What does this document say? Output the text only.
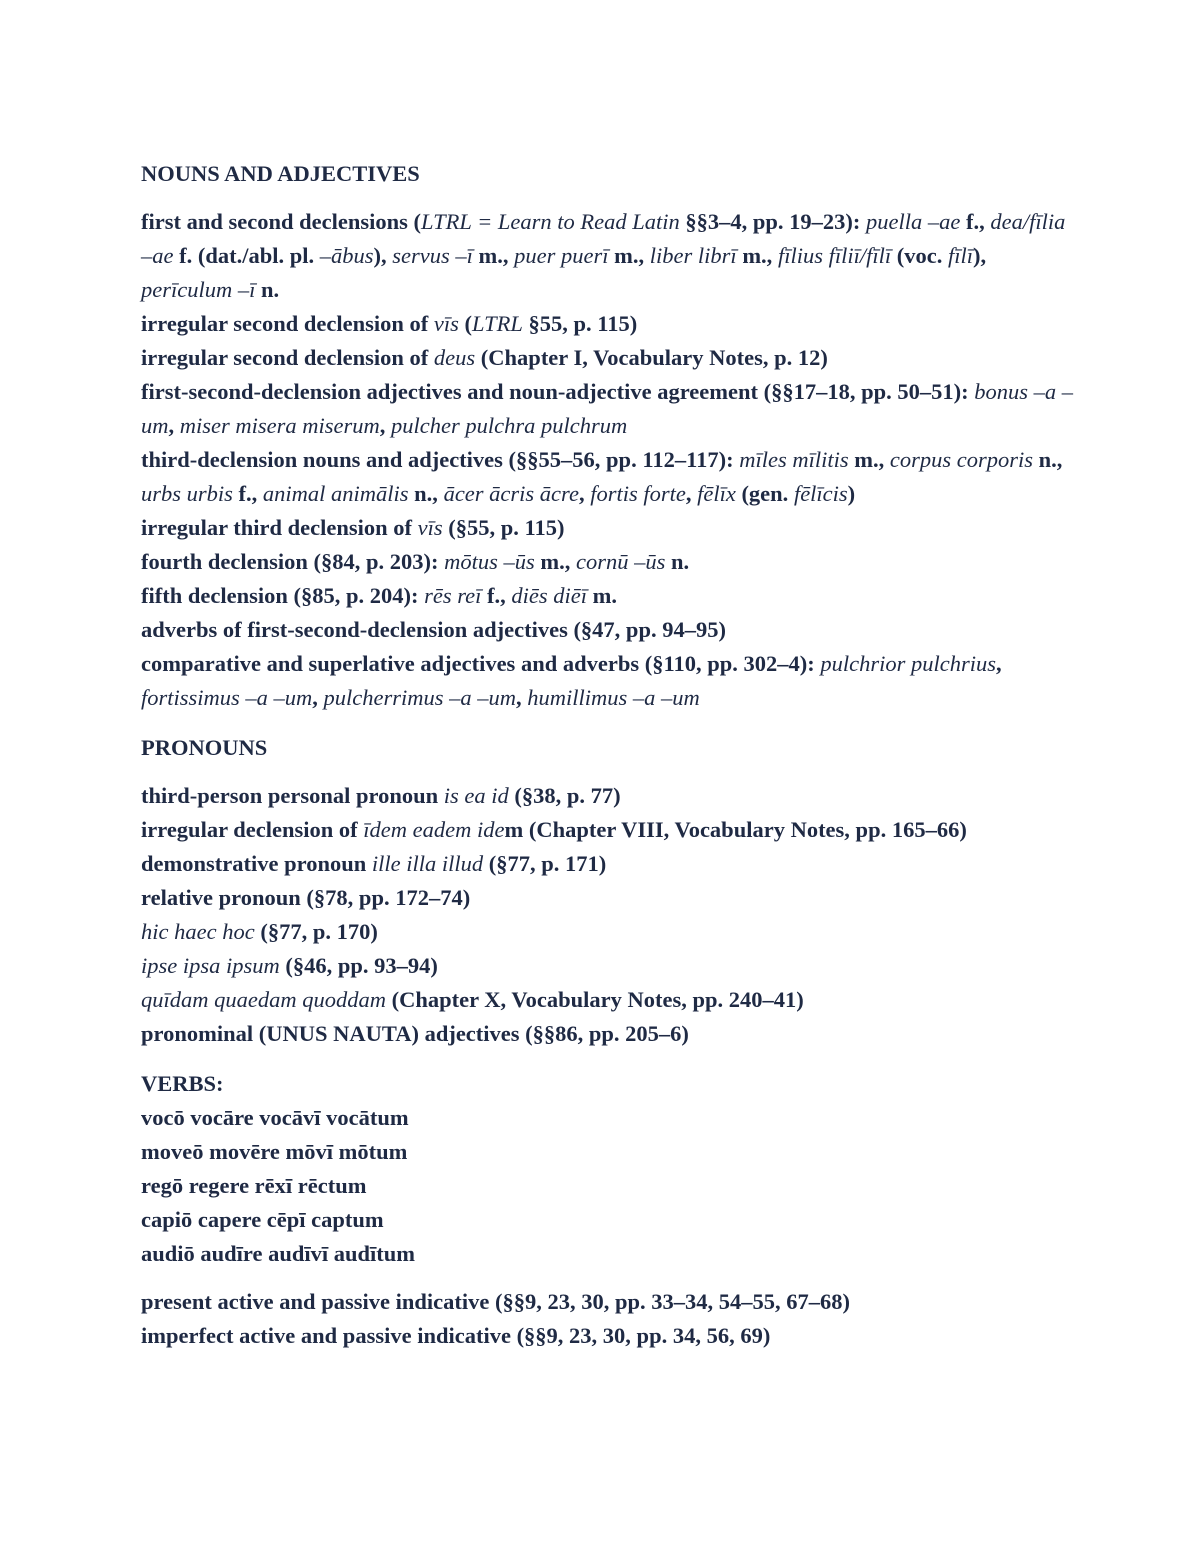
NOUNS AND ADJECTIVES
first and second declensions (LTRL = Learn to Read Latin §§3–4, pp. 19–23): puella –ae f., dea/fīlia –ae f. (dat./abl. pl. –ābus), servus –ī m., puer puerī m., liber librī m., fīlius fīliī/fīlī (voc. fīlī), perīculum –ī n.
irregular second declension of vīs (LTRL §55, p. 115)
irregular second declension of deus (Chapter I, Vocabulary Notes, p. 12)
first-second-declension adjectives and noun-adjective agreement (§§17–18, pp. 50–51): bonus –a –um, miser misera miserum, pulcher pulchra pulchrum
third-declension nouns and adjectives (§§55–56, pp. 112–117): mīles mīlitis m., corpus corporis n., urbs urbis f., animal animālis n., ācer ācris ācre, fortis forte, fēlīx (gen. fēlīcis)
irregular third declension of vīs (§55, p. 115)
fourth declension (§84, p. 203): mōtus –ūs m., cornū –ūs n.
fifth declension (§85, p. 204): rēs reī f., diēs diēī m.
adverbs of first-second-declension adjectives (§47, pp. 94–95)
comparative and superlative adjectives and adverbs (§110, pp. 302–4): pulchrior pulchrius, fortissimus –a –um, pulcherrimus –a –um, humillimus –a –um
PRONOUNS
third-person personal pronoun is ea id (§38, p. 77)
irregular declension of īdem eadem idem (Chapter VIII, Vocabulary Notes, pp. 165–66)
demonstrative pronoun ille illa illud (§77, p. 171)
relative pronoun (§78, pp. 172–74)
hic haec hoc (§77, p. 170)
ipse ipsa ipsum (§46, pp. 93–94)
quīdam quaedam quoddam (Chapter X, Vocabulary Notes, pp. 240–41)
pronominal (UNUS NAUTA) adjectives (§§86, pp. 205–6)
VERBS:
vocō vocāre vocāvī vocātum
moveō movēre mōvī mōtum
regō regere rēxī rēctum
capiō capere cēpī captum
audiō audīre audīvī audītum
present active and passive indicative (§§9, 23, 30, pp. 33–34, 54–55, 67–68)
imperfect active and passive indicative (§§9, 23, 30, pp. 34, 56, 69)
